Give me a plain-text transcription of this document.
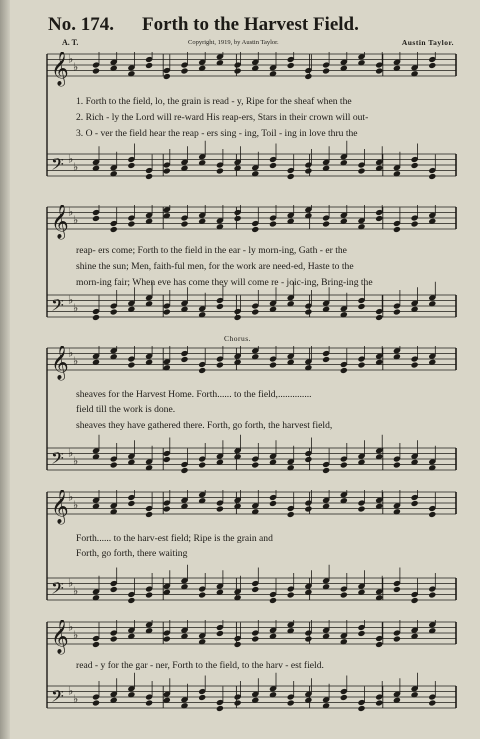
No. 174. Forth to the Harvest Field.
A. T.	Copyright, 1919, by Austin Taylor.	Austin Taylor.
𝄞 ♭
♭
𝄢 ♭
♭
1. Forth to the field, lo, the grain is read - y, Ripe for the sheaf when the
2. Rich - ly the Lord will re-ward His reap-ers, Stars in their crown will out-
3. O - ver the field hear the reap - ers sing - ing, Toil - ing in love thru the
𝄞 ♭
♭
𝄢 ♭
♭
reap- ers come; Forth to the field in the ear - ly morn-ing, Gath - er the
shine the sun; Men, faith-ful men, for the work are need-ed, Haste to the
morn-ing fair; When eve has come they will come re - joic-ing, Bring-ing the
Chorus.
𝄞 ♭
♭
𝄢 ♭
♭
sheaves for the Harvest Home. Forth...... to the field,..............
field till the work is done.
sheaves they have gathered there. Forth, go forth, the harvest field,
𝄞 ♭
♭
𝄢 ♭
♭
Forth...... to the harv-est field; Ripe is the grain and
Forth, go forth, there waiting
𝄞 ♭
♭
𝄢 ♭
♭
read - y for the gar - ner, Forth to the field, to the harv - est field.
